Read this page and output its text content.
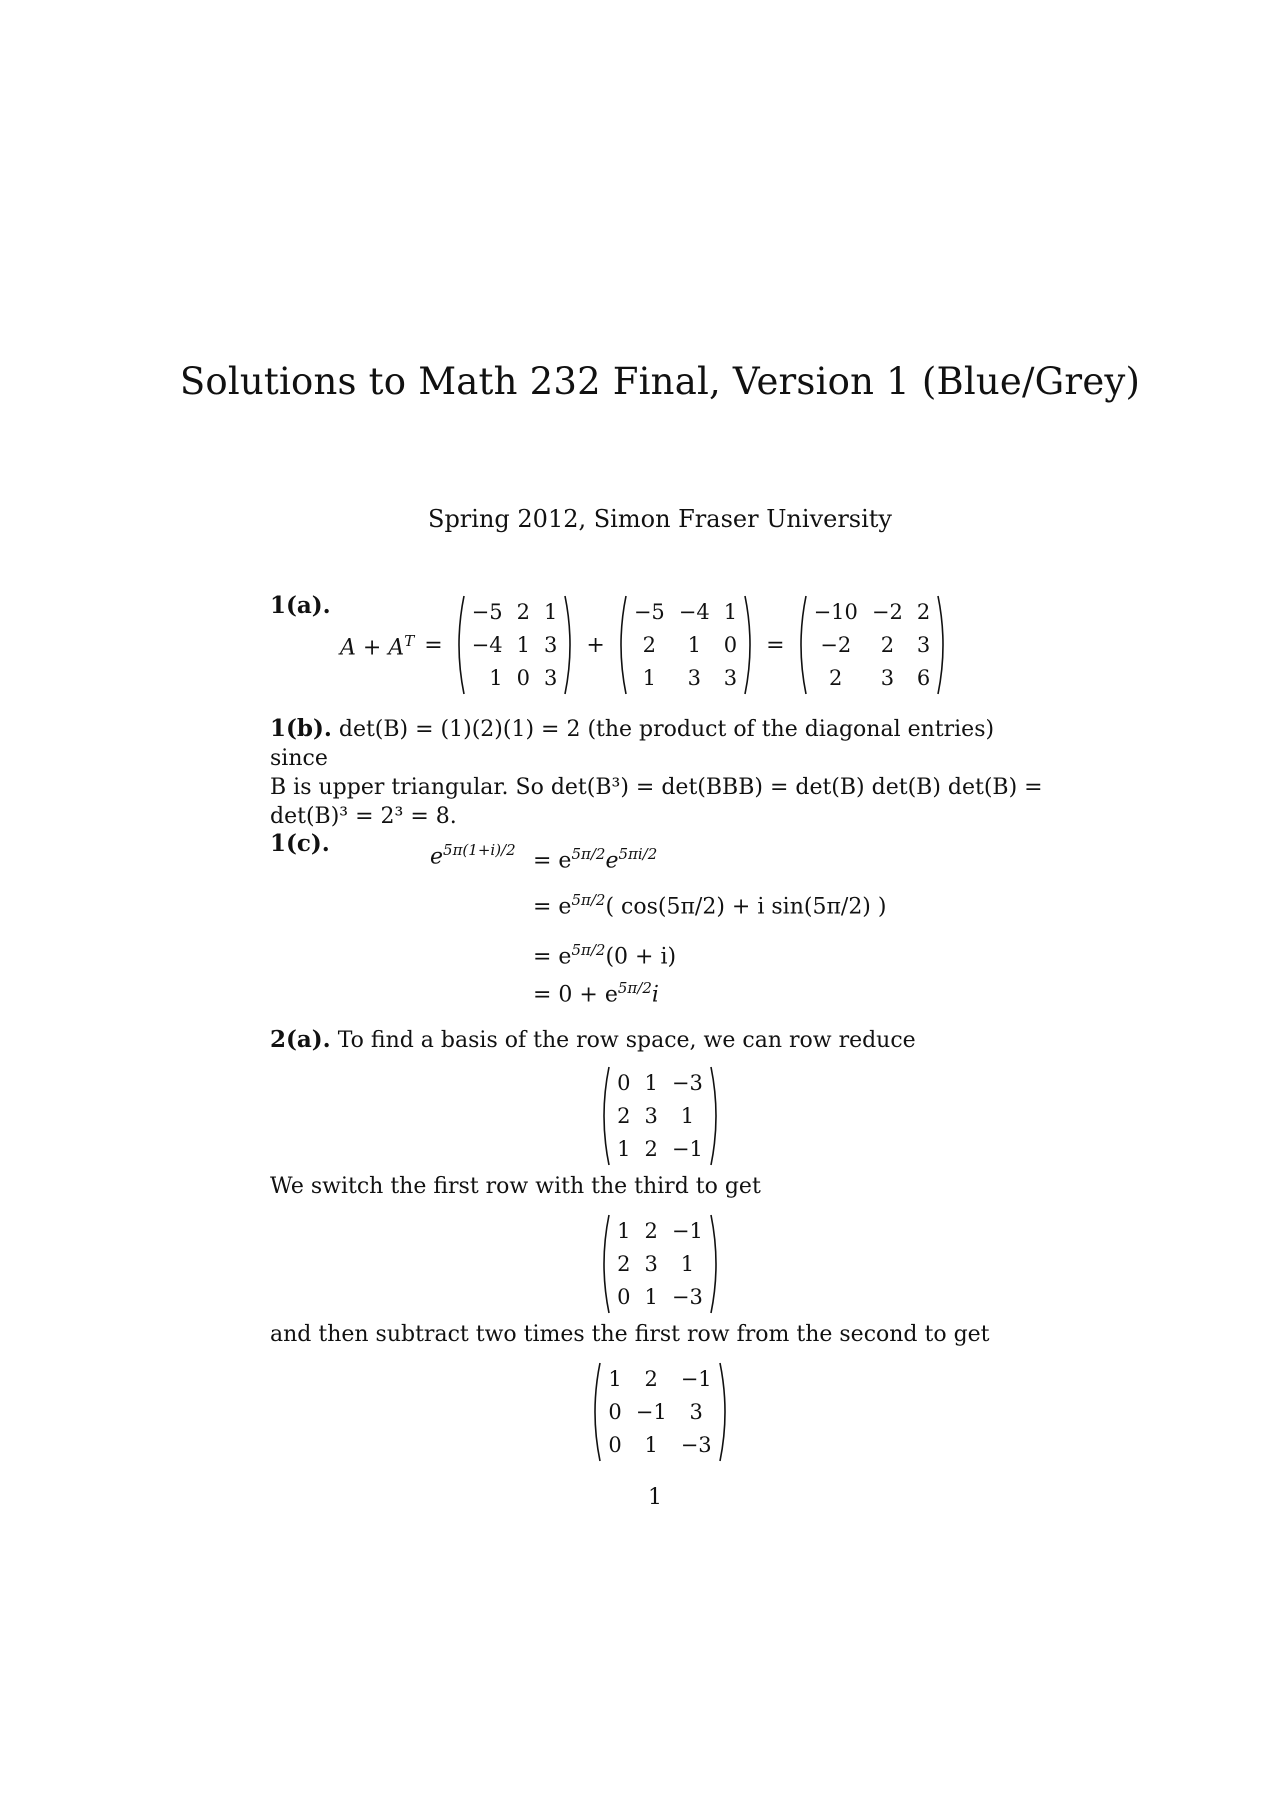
Solutions to Math 232 Final, Version 1 (Blue/Grey)
Spring 2012, Simon Fraser University
1(a).
$A + A^T$ =
−5	2	1
−4	1	3
1	0	3
+
−5	−4	1
2	1	0
1	3	3
=
−10	−2	2
−2	2	3
2	3	6
1(b). det(B) = (1)(2)(1) = 2 (the product of the diagonal entries) since
B is upper triangular. So det(B³) = det(BBB) = det(B) det(B) det(B) =
det(B)³ = 2³ = 8.
1(c).	$e^{5\pi(1+i)/2} = e^{5\pi/2}e^{5\pi i/2}$
= $e^{5\pi/2}$( cos(5π/2) + i sin(5π/2) )
= $e^{5\pi/2}(0 + i)$
= $0 + e^{5\pi/2}i$
2(a). To find a basis of the row space, we can row reduce
0	1	−3
2	3	1
1	2	−1
We switch the first row with the third to get
1	2	−1
2	3	1
0	1	−3
and then subtract two times the first row from the second to get
1	2	−1
0	−1	3
0	1	−3
1
